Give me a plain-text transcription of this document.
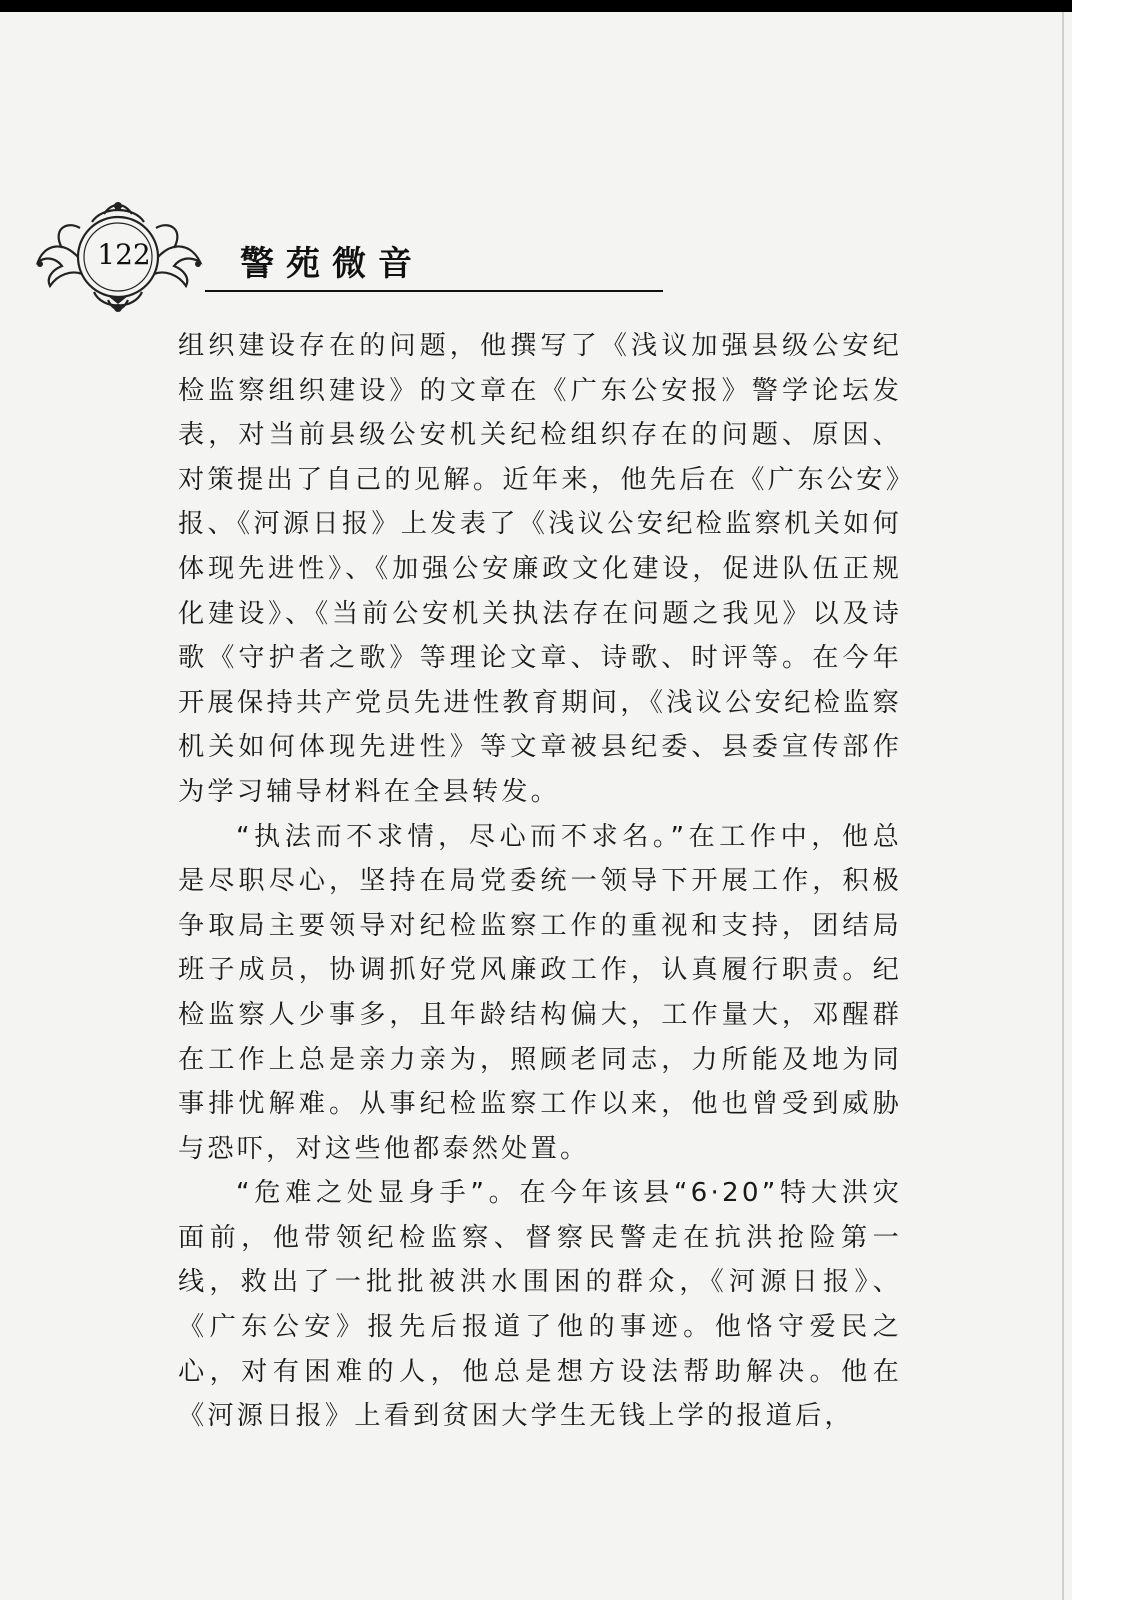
122	警苑微音

组织建设存在的问题，他撰写了《浅议加强县级公安纪检监察组织建设》的文章在《广东公安报》警学论坛发表，对当前县级公安机关纪检组织存在的问题、原因、对策提出了自己的见解。近年来，他先后在《广东公安》报、《河源日报》上发表了《浅议公安纪检监察机关如何体现先进性》、《加强公安廉政文化建设，促进队伍正规化建设》、《当前公安机关执法存在问题之我见》以及诗歌《守护者之歌》等理论文章、诗歌、时评等。在今年开展保持共产党员先进性教育期间，《浅议公安纪检监察机关如何体现先进性》等文章被县纪委、县委宣传部作为学习辅导材料在全县转发。

“执法而不求情，尽心而不求名。”在工作中，他总是尽职尽心，坚持在局党委统一领导下开展工作，积极争取局主要领导对纪检监察工作的重视和支持，团结局班子成员，协调抓好党风廉政工作，认真履行职责。纪检监察人少事多，且年龄结构偏大，工作量大，邓醒群在工作上总是亲力亲为，照顾老同志，力所能及地为同事排忧解难。从事纪检监察工作以来，他也曾受到威胁与恐吓，对这些他都泰然处置。

“危难之处显身手”。在今年该县“6·20”特大洪灾面前，他带领纪检监察、督察民警走在抗洪抢险第一线，救出了一批批被洪水围困的群众，《河源日报》、《广东公安》报先后报道了他的事迹。他恪守爱民之心，对有困难的人，他总是想方设法帮助解决。他在《河源日报》上看到贫困大学生无钱上学的报道后，
